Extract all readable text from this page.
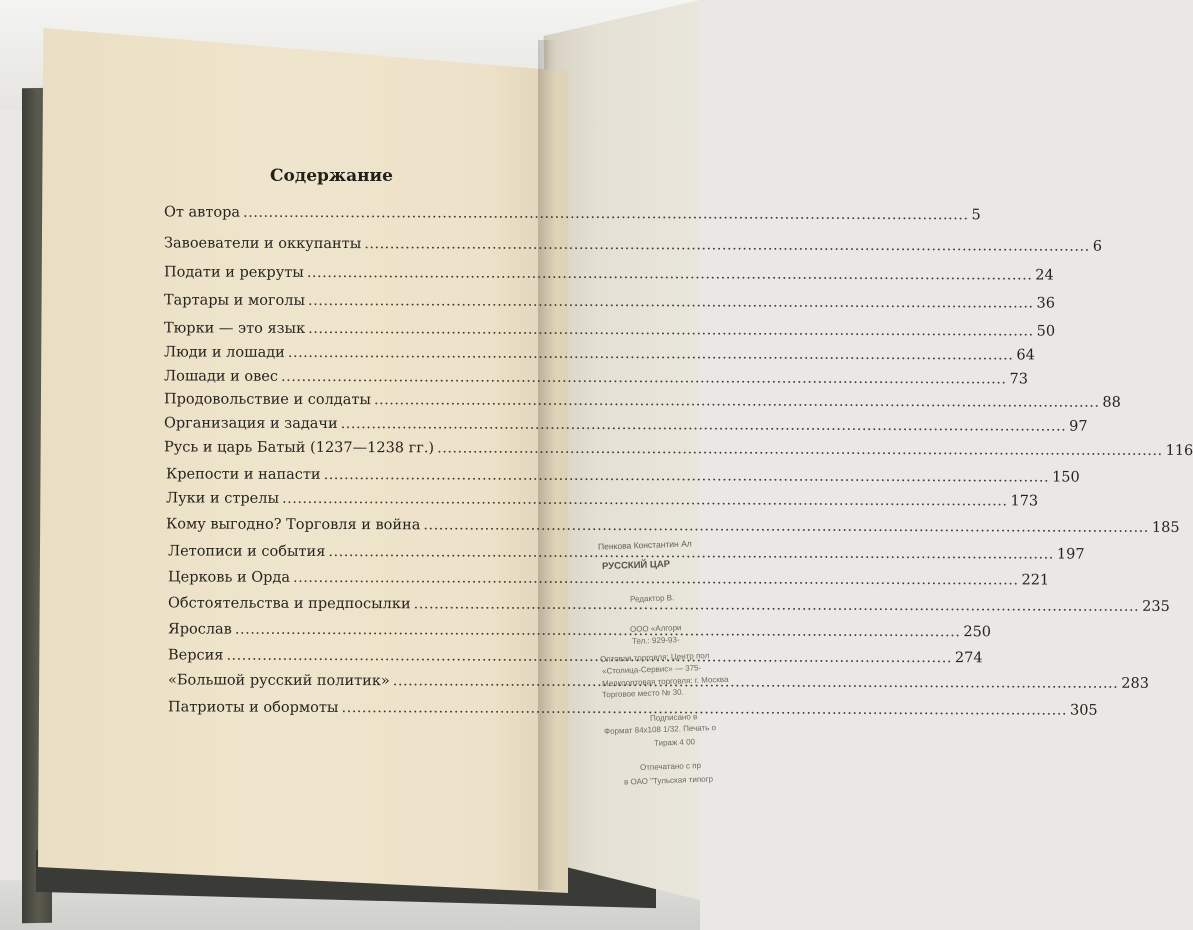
Содержание
От автора .....	5
Завоеватели и оккупанты .....	6
Подати и рекруты .....	24
Тартары и моголы .....	36
Тюрки — это язык .....	50
Люди и лошади .....	64
Лошади и овес .....	73
Продовольствие и солдаты .....	88
Организация и задачи .....	97
Русь и царь Батый (1237—1238 гг.) .....	116
Крепости и напасти .....	150
Луки и стрелы .....	173
Кому выгодно? Торговля и война .....	185
Летописи и события .....	197
Церковь и Орда .....	221
Обстоятельства и предпосылки .....	235
Ярослав .....	250
Версия .....	274
«Большой русский политик» .....	283
Патриоты и обормоты .....	305
Пенкова Константин Ал
РУССКИЙ ЦАР
Редактор В.
ООО «Алгори
Тел.: 929-93-
Оптовая торговля: Центр пол
«Столица-Сервис» — 375-
Мелкооптовая торговля: г. Москва
Торговое место № 30.
Подписано в
Формат 84x108 1/32. Печать о
Тираж 4 00
Отпечатано с пр
в ОАО "Тульская типогр
